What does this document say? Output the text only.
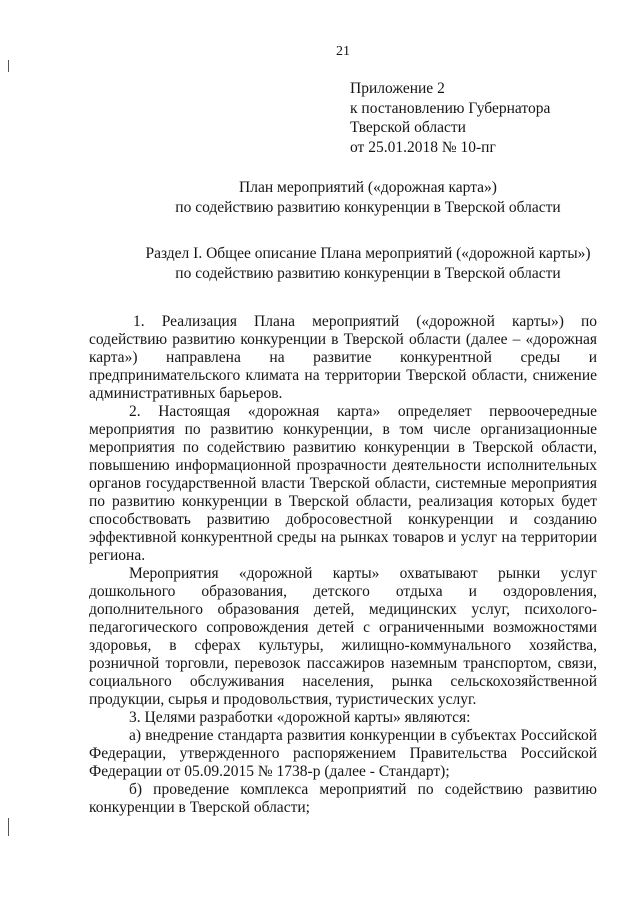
21
Приложение 2
к постановлению Губернатора
Тверской области
от 25.01.2018 № 10-пг
План мероприятий («дорожная карта»)
по содействию развитию конкуренции в Тверской области
Раздел I. Общее описание Плана мероприятий («дорожной карты»)
по содействию развитию конкуренции в Тверской области

1. Реализация Плана мероприятий («дорожной карты») по содействию развитию конкуренции в Тверской области (далее – «дорожная карта») направлена на развитие конкурентной среды и предпринимательского климата на территории Тверской области, снижение административных барьеров.

2. Настоящая «дорожная карта» определяет первоочередные мероприятия по развитию конкуренции, в том числе организационные мероприятия по содействию развитию конкуренции в Тверской области, повышению информационной прозрачности деятельности исполнительных органов государственной власти Тверской области, системные мероприятия по развитию конкуренции в Тверской области, реализация которых будет способствовать развитию добросовестной конкуренции и созданию эффективной конкурентной среды на рынках товаров и услуг на территории региона.

Мероприятия «дорожной карты» охватывают рынки услуг дошкольного образования, детского отдыха и оздоровления, дополнительного образования детей, медицинских услуг, психолого-педагогического сопровождения детей с ограниченными возможностями здоровья, в сферах культуры, жилищно-коммунального хозяйства, розничной торговли, перевозок пассажиров наземным транспортом, связи, социального обслуживания населения, рынка сельскохозяйственной продукции, сырья и продовольствия, туристических услуг.

3. Целями разработки «дорожной карты» являются:

а) внедрение стандарта развития конкуренции в субъектах Российской Федерации, утвержденного распоряжением Правительства Российской Федерации от 05.09.2015 № 1738-р (далее - Стандарт);

б) проведение комплекса мероприятий по содействию развитию конкуренции в Тверской области;
